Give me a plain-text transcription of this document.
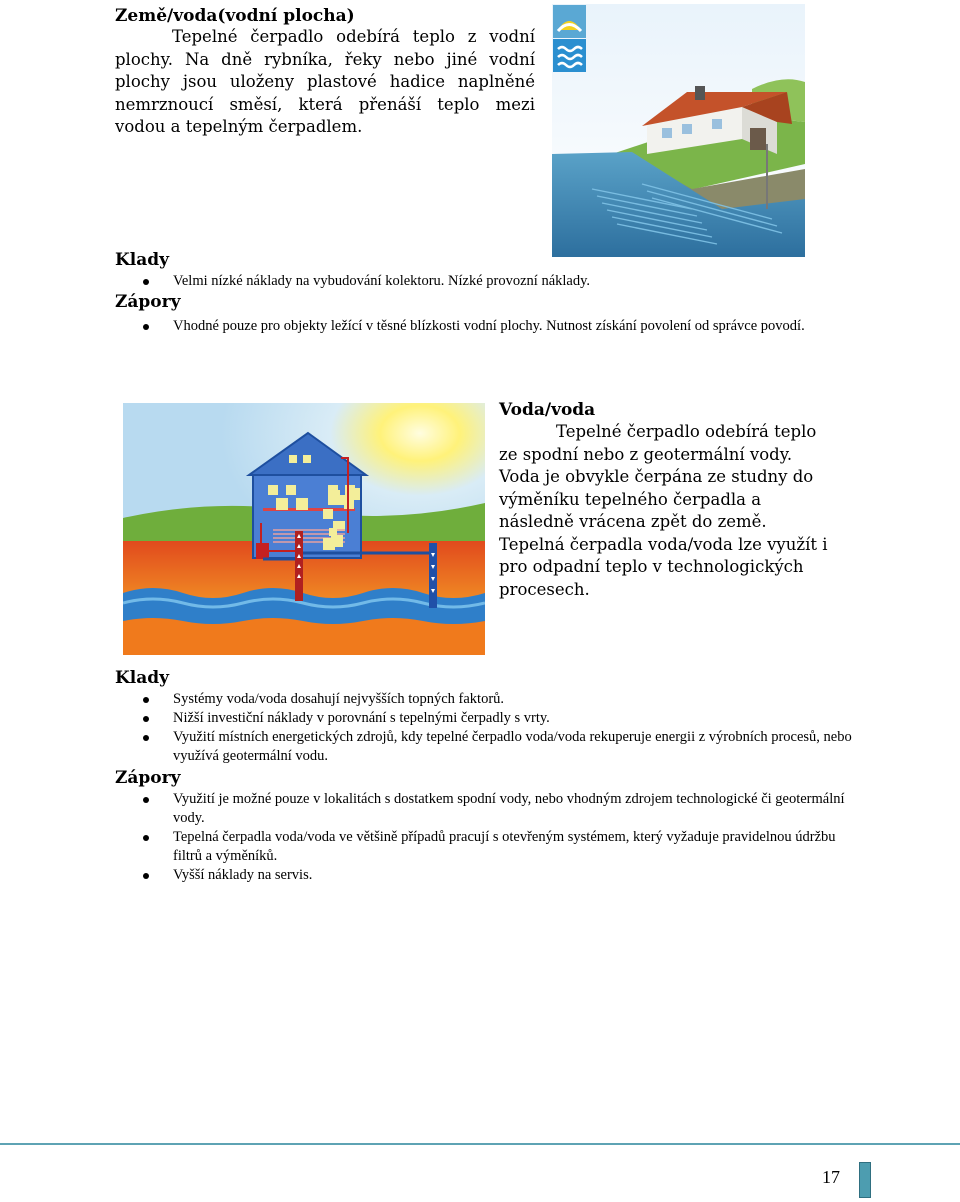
Země/voda(vodní plocha)
Tepelné čerpadlo odebírá teplo z vodní plochy. Na dně rybníka, řeky nebo jiné vodní plochy jsou uloženy plastové hadice naplněné nemrznoucí směsí, která přenáší teplo mezi vodou a tepelným čerpadlem.
Klady
Velmi nízké náklady na vybudování kolektoru. Nízké provozní náklady.
Zápory
Vhodné pouze pro objekty ležící v těsné blízkosti vodní plochy. Nutnost získání povolení od správce povodí.
Voda/voda
Tepelné čerpadlo odebírá teplo ze spodní nebo z geotermální vody. Voda je obvykle čerpána ze studny do výměníku tepelného čerpadla a následně vrácena zpět do země. Tepelná čerpadla voda/voda lze využít i pro odpadní teplo v technologických procesech.
Klady
Systémy voda/voda dosahují nejvyšších topných faktorů.
Nižší investiční náklady v porovnání s tepelnými čerpadly s vrty.
Využití místních energetických zdrojů, kdy tepelné čerpadlo voda/voda rekuperuje energii z výrobních procesů, nebo využívá geotermální vodu.
Zápory
Využití je možné pouze v lokalitách s dostatkem spodní vody, nebo vhodným zdrojem technologické či geotermální vody.
Tepelná čerpadla voda/voda ve většině případů pracují s otevřeným systémem, který vyžaduje pravidelnou údržbu filtrů a výměníků.
Vyšší náklady na servis.
17
